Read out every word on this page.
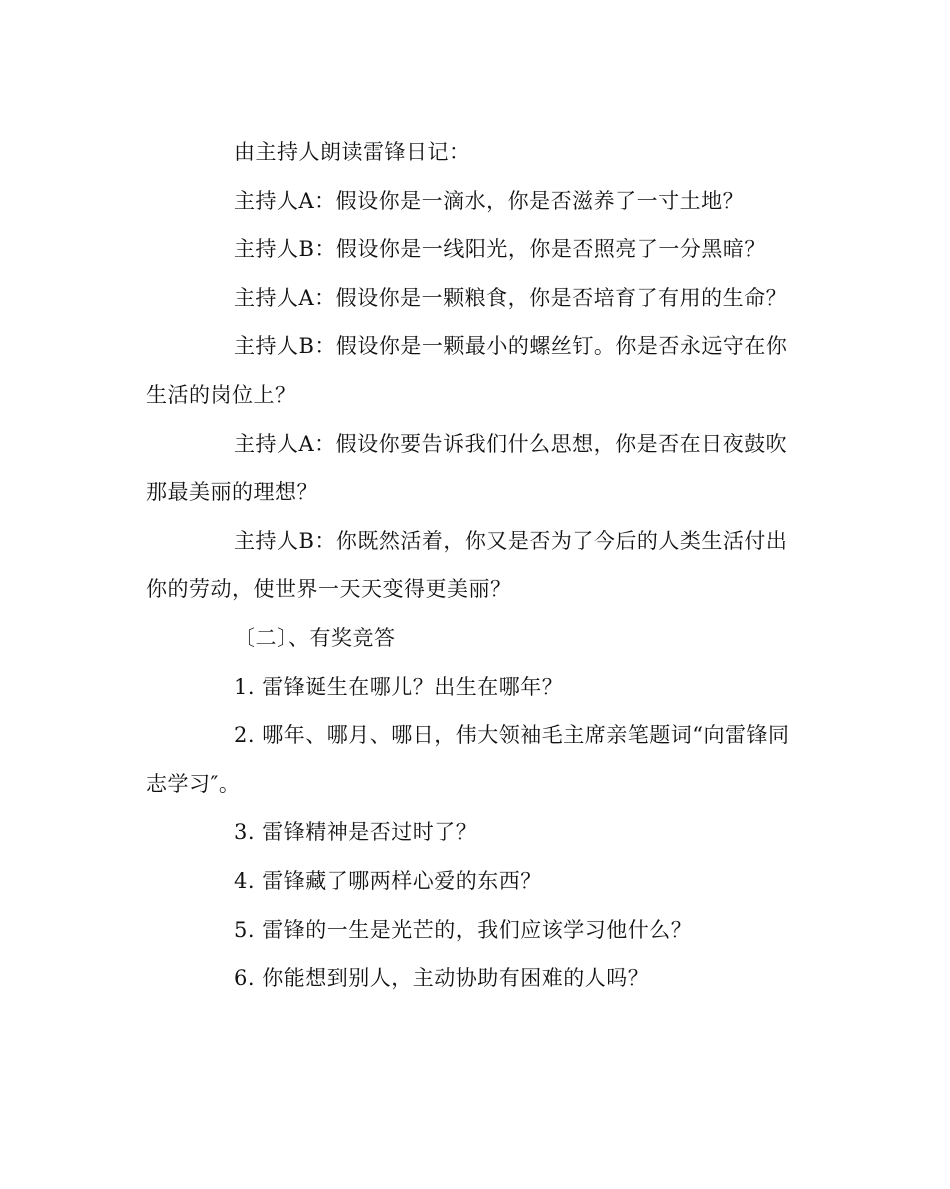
由主持人朗读雷锋日记：

主持人A：假设你是一滴水，你是否滋养了一寸土地？

主持人B：假设你是一线阳光，你是否照亮了一分黑暗？

主持人A：假设你是一颗粮食，你是否培育了有用的生命？

主持人B：假设你是一颗最小的螺丝钉。你是否永远守在你生活的岗位上？

主持人A：假设你要告诉我们什么思想，你是否在日夜鼓吹那最美丽的理想？

主持人B：你既然活着，你又是否为了今后的人类生活付出你的劳动，使世界一天天变得更美丽？

〔二〕、有奖竞答

1. 雷锋诞生在哪儿？出生在哪年？

2. 哪年、哪月、哪日，伟大领袖毛主席亲笔题词“向雷锋同志学习″。

3. 雷锋精神是否过时了？

4. 雷锋藏了哪两样心爱的东西？

5. 雷锋的一生是光芒的，我们应该学习他什么？

6. 你能想到别人，主动协助有困难的人吗？
